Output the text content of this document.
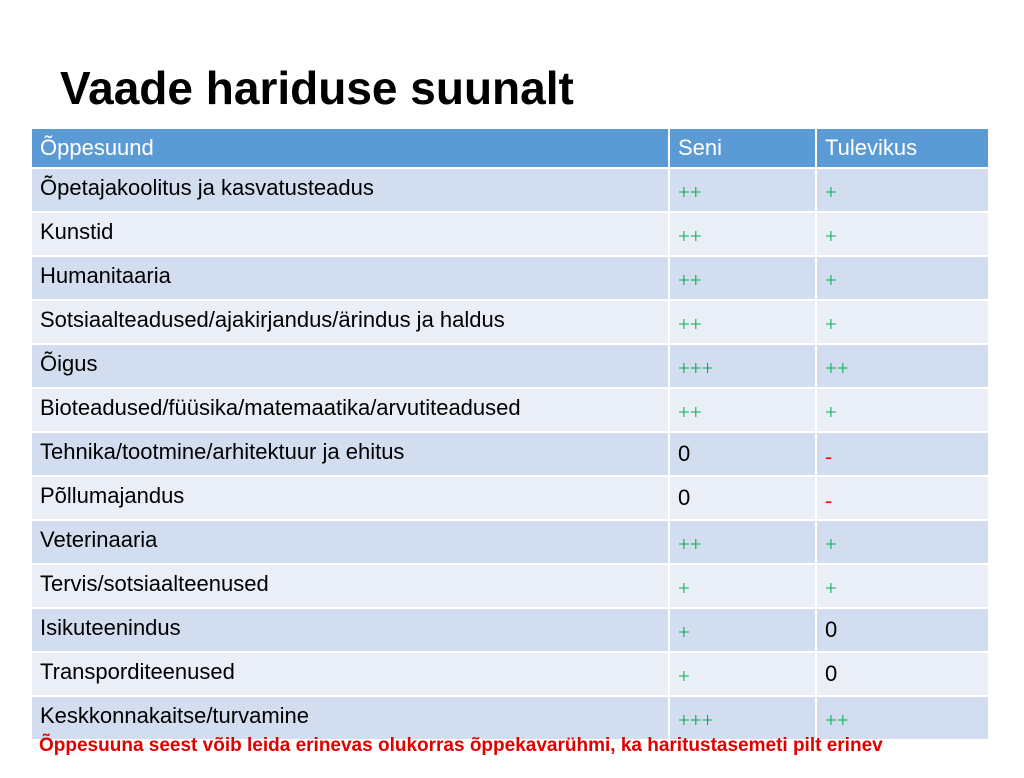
Vaade hariduse suunalt
Õppesuund	Seni	Tulevikus
Õpetajakoolitus ja kasvatusteadus	++	+
Kunstid	++	+
Humanitaaria	++	+
Sotsiaalteadused/ajakirjandus/ärindus ja haldus	++	+
Õigus	+++	++
Bioteadused/füüsika/matemaatika/arvutiteadused	++	+
Tehnika/tootmine/arhitektuur ja ehitus	0	-
Põllumajandus	0	-
Veterinaaria	++	+
Tervis/sotsiaalteenused	+	+
Isikuteenindus	+	0
Transporditeenused	+	0
Keskkonnakaitse/turvamine	+++	++

Õppesuuna seest võib leida erinevas olukorras õppekavarühmi, ka haritustasemeti pilt erinev
